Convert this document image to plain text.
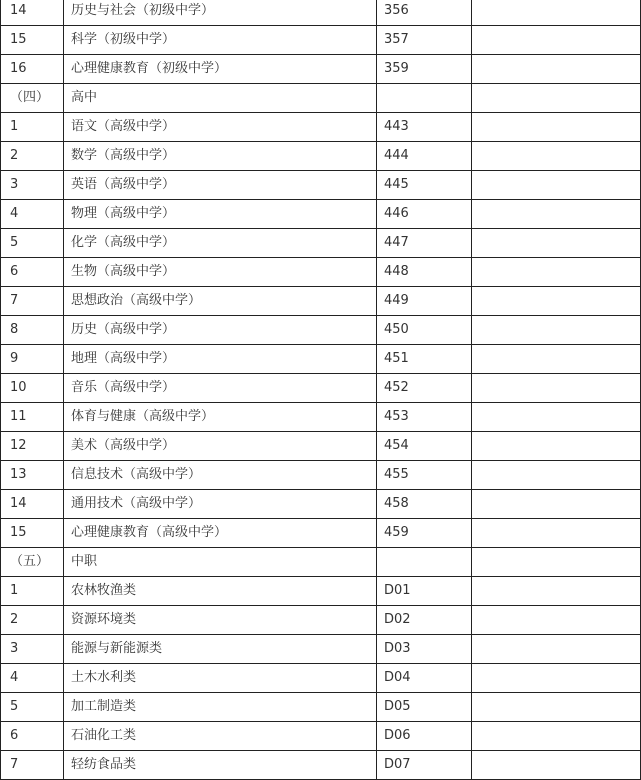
14	历史与社会（初级中学）	356	
15	科学（初级中学）	357	
16	心理健康教育（初级中学）	359	
（四）	高中		
1	语文（高级中学）	443	
2	数学（高级中学）	444	
3	英语（高级中学）	445	
4	物理（高级中学）	446	
5	化学（高级中学）	447	
6	生物（高级中学）	448	
7	思想政治（高级中学）	449	
8	历史（高级中学）	450	
9	地理（高级中学）	451	
10	音乐（高级中学）	452	
11	体育与健康（高级中学）	453	
12	美术（高级中学）	454	
13	信息技术（高级中学）	455	
14	通用技术（高级中学）	458	
15	心理健康教育（高级中学）	459	
（五）	中职		
1	农林牧渔类	D01	
2	资源环境类	D02	
3	能源与新能源类	D03	
4	土木水利类	D04	
5	加工制造类	D05	
6	石油化工类	D06	
7	轻纺食品类	D07	
